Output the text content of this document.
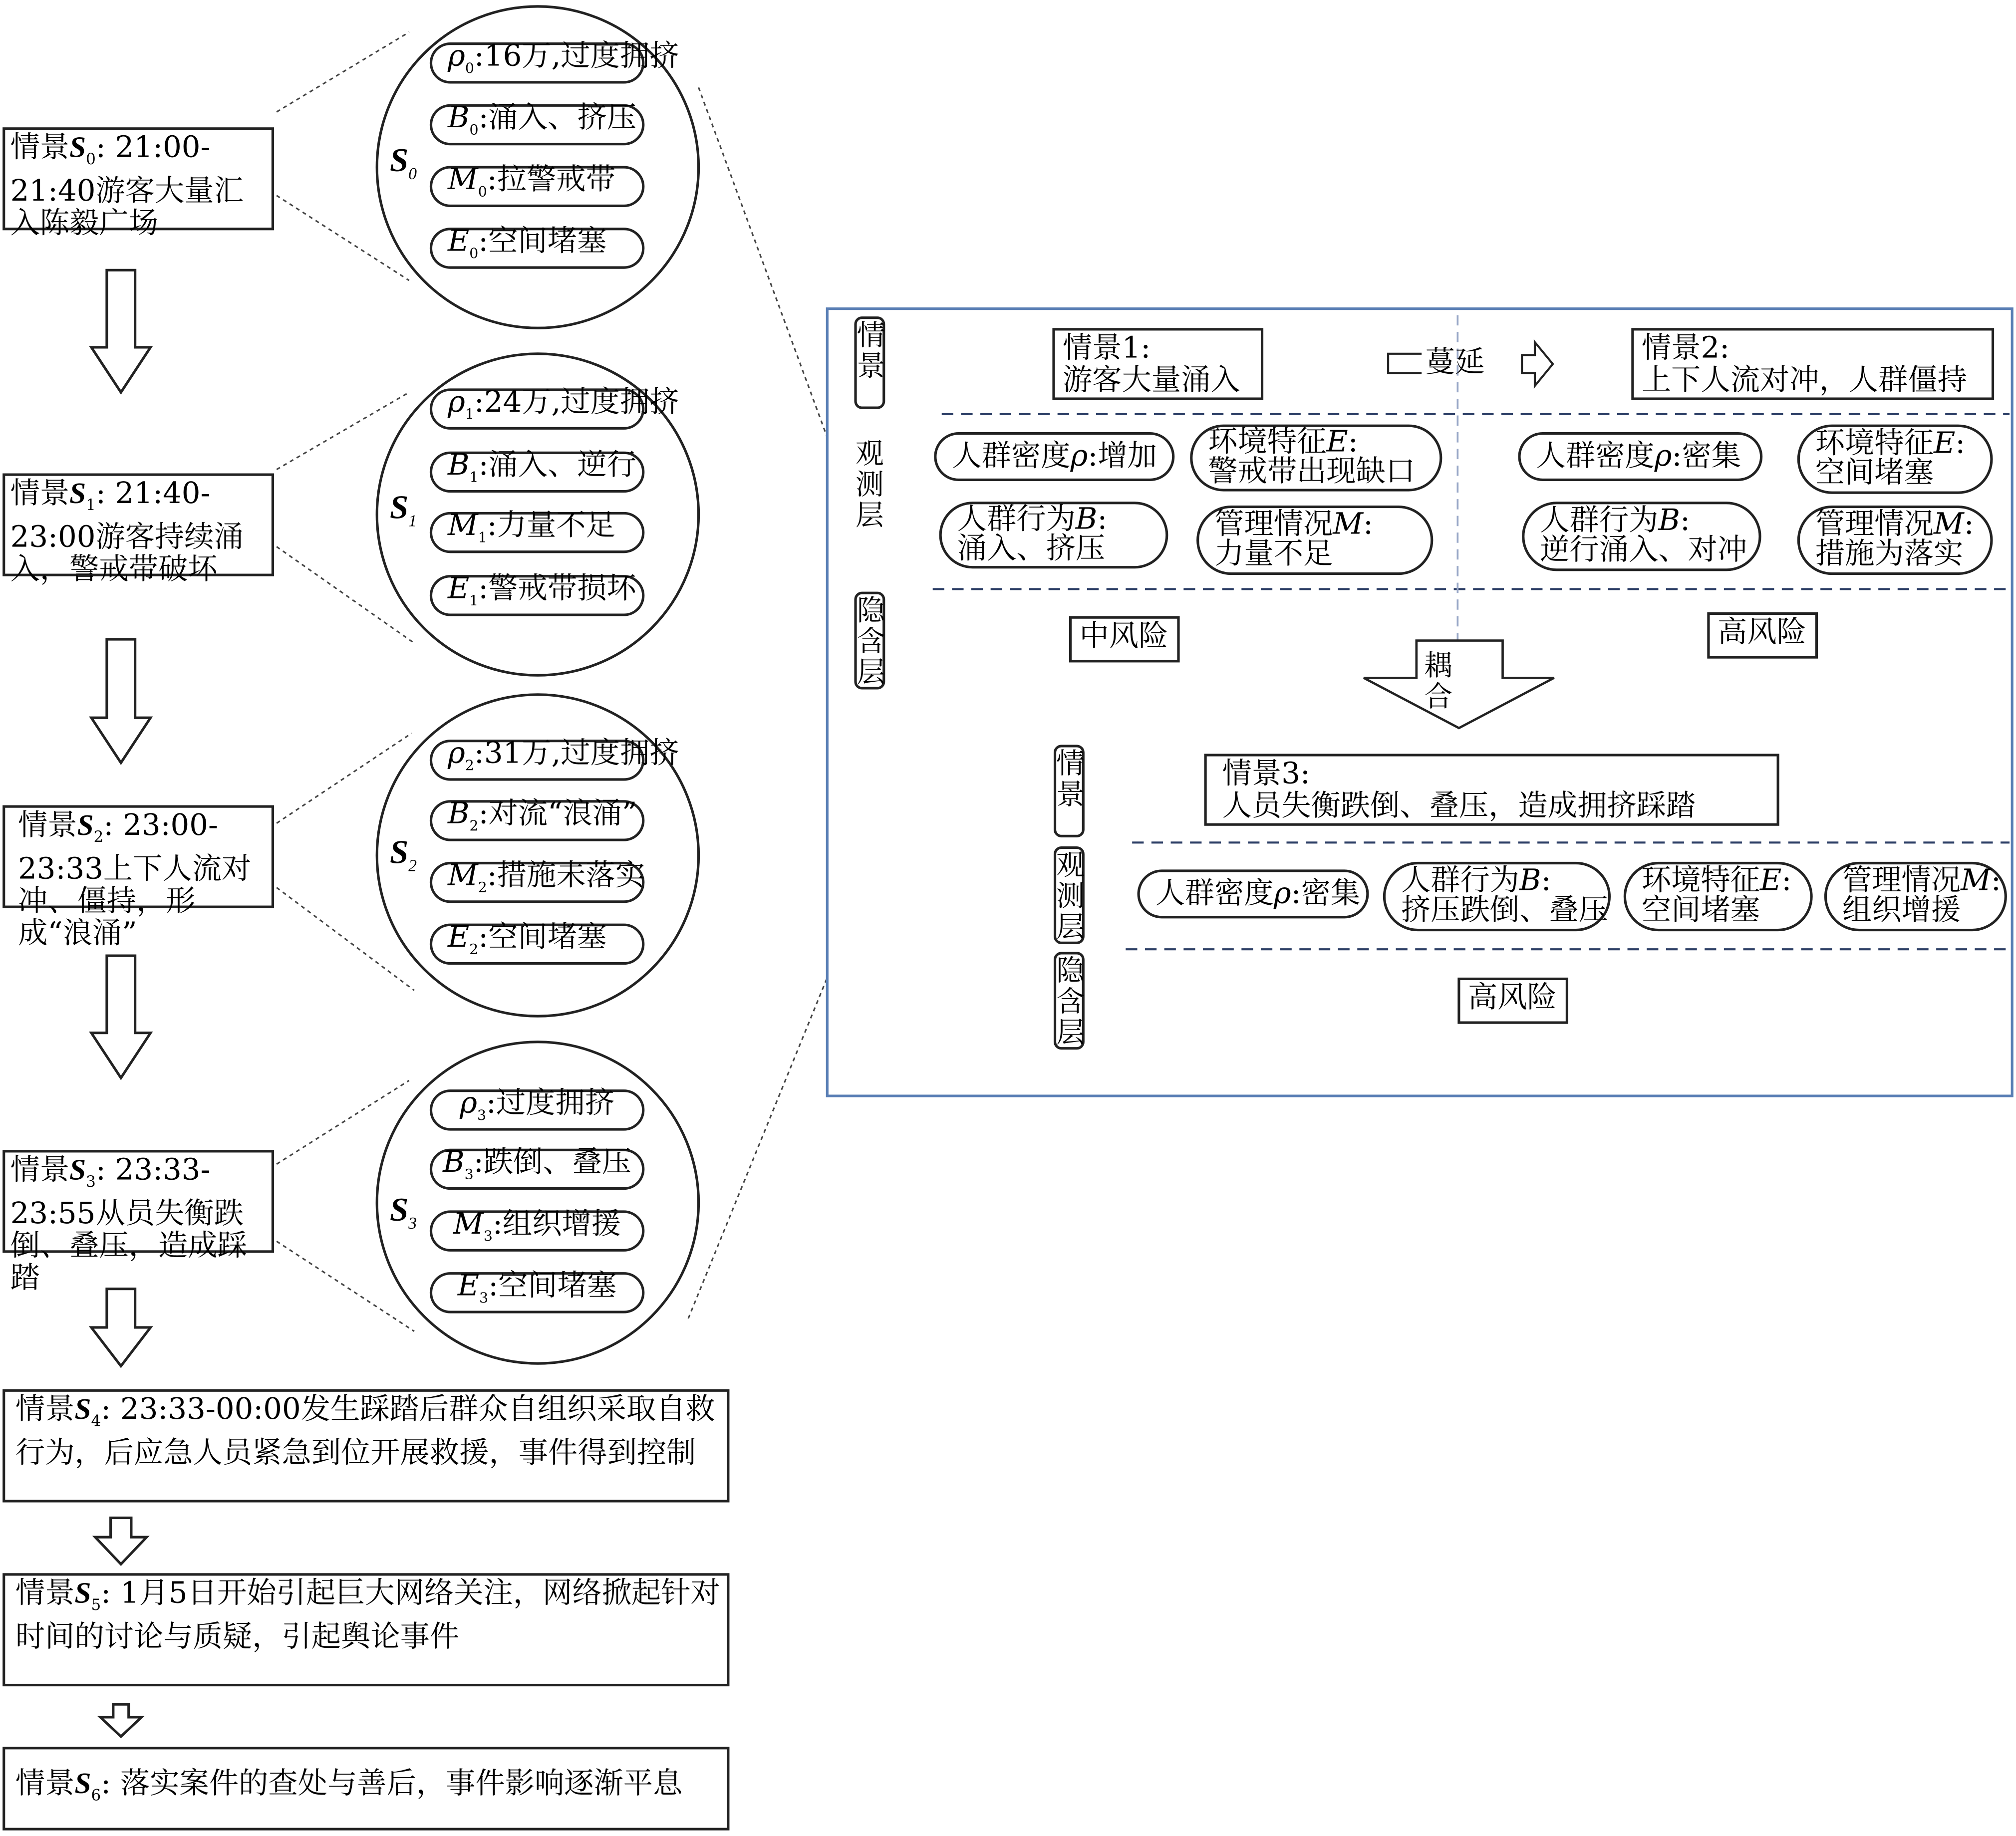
情景$S_0$: 21:00-21:40游客大量汇入陈毅广场
情景$S_1$: 21:40-23:00游客持续涌入，警戒带破坏
情景$S_2$: 23:00-23:33上下人流对冲、僵持，形成“浪涌”
情景$S_3$: 23:33-23:55从员失衡跌倒、叠压，造成踩踏
情景$S_4$: 23:33-00:00发生踩踏后群众自组织采取自救行为，后应急人员紧急到位开展救援，事件得到控制
情景$S_5$: 1月5日开始引起巨大网络关注，网络掀起针对时间的讨论与质疑，引起舆论事件
情景$S_6$: 落实案件的查处与善后，事件影响逐渐平息
$S_0$
$S_1$
$S_2$
$S_3$
$\rho_0:16$万,过度拥挤
$B_0$:涌入、挤压
$M_0$:拉警戒带
$E_0$:空间堵塞
$\rho_1:24$万,过度拥挤
$B_1$:涌入、逆行
$M_1$:力量不足
$E_1$:警戒带损坏
$\rho_2:31$万,过度拥挤
$B_2$:对流“浪涌”
$M_2$:措施未落实
$E_2$:空间堵塞
$\rho_3$:过度拥挤
$B_3$:跌倒、叠压
$M_3$:组织增援
$E_3$:空间堵塞
情景
观测层
隐含层
情景1:
游客大量涌入
蔓延	情景2:
上下人流对冲，人群僵持
人群密度ρ:增加	环境特征E:
警戒带出现缺口
人群行为B:
涌入、挤压
管理情况M:
力量不足
人群密度ρ:密集	环境特征E:
空间堵塞
人群行为B:
逆行涌入、对冲
管理情况M:
措施为落实
中风险	高风险
耦合
情景
观测层
隐含层
情景3:
人员失衡跌倒、叠压，造成拥挤踩踏
人群密度ρ:密集	人群行为B:
挤压跌倒、叠压
环境特征E:
空间堵塞
管理情况M:
组织增援
高风险
